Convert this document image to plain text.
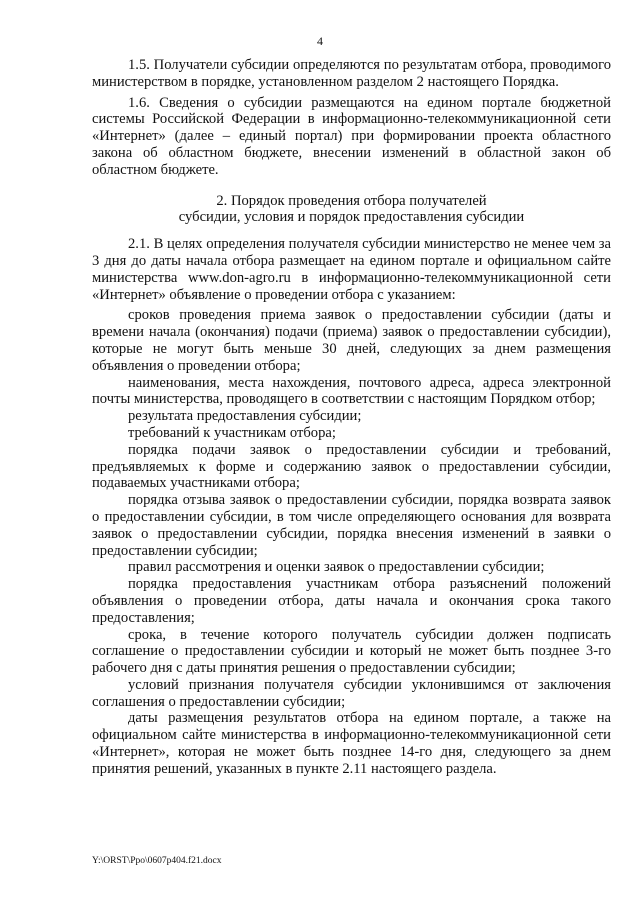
4

1.5. Получатели субсидии определяются по результатам отбора, проводимого министерством в порядке, установленном разделом 2 настоящего Порядка.

1.6. Сведения о субсидии размещаются на едином портале бюджетной системы Российской Федерации в информационно-телекоммуникационной сети «Интернет» (далее – единый портал) при формировании проекта областного закона об областном бюджете, внесении изменений в областной закон об областном бюджете.

2. Порядок проведения отбора получателей
субсидии, условия и порядок предоставления субсидии

2.1. В целях определения получателя субсидии министерство не менее чем за 3 дня до даты начала отбора размещает на едином портале и официальном сайте министерства www.don-agro.ru в информационно-телекоммуникационной сети «Интернет» объявление о проведении отбора с указанием:

сроков проведения приема заявок о предоставлении субсидии (даты и времени начала (окончания) подачи (приема) заявок о предоставлении субсидии), которые не могут быть меньше 30 дней, следующих за днем размещения объявления о проведении отбора;

наименования, места нахождения, почтового адреса, адреса электронной почты министерства, проводящего в соответствии с настоящим Порядком отбор;

результата предоставления субсидии;

требований к участникам отбора;

порядка подачи заявок о предоставлении субсидии и требований, предъявляемых к форме и содержанию заявок о предоставлении субсидии, подаваемых участниками отбора;

порядка отзыва заявок о предоставлении субсидии, порядка возврата заявок о предоставлении субсидии, в том числе определяющего основания для возврата заявок о предоставлении субсидии, порядка внесения изменений в заявки о предоставлении субсидии;

правил рассмотрения и оценки заявок о предоставлении субсидии;

порядка предоставления участникам отбора разъяснений положений объявления о проведении отбора, даты начала и окончания срока такого предоставления;

срока, в течение которого получатель субсидии должен подписать соглашение о предоставлении субсидии и который не может быть позднее 3-го рабочего дня с даты принятия решения о предоставлении субсидии;

условий признания получателя субсидии уклонившимся от заключения соглашения о предоставлении субсидии;

даты размещения результатов отбора на едином портале, а также на официальном сайте министерства в информационно-телекоммуникационной сети «Интернет», которая не может быть позднее 14-го дня, следующего за днем принятия решений, указанных в пункте 2.11 настоящего раздела.

Y:\ORST\Ppo\0607p404.f21.docx
